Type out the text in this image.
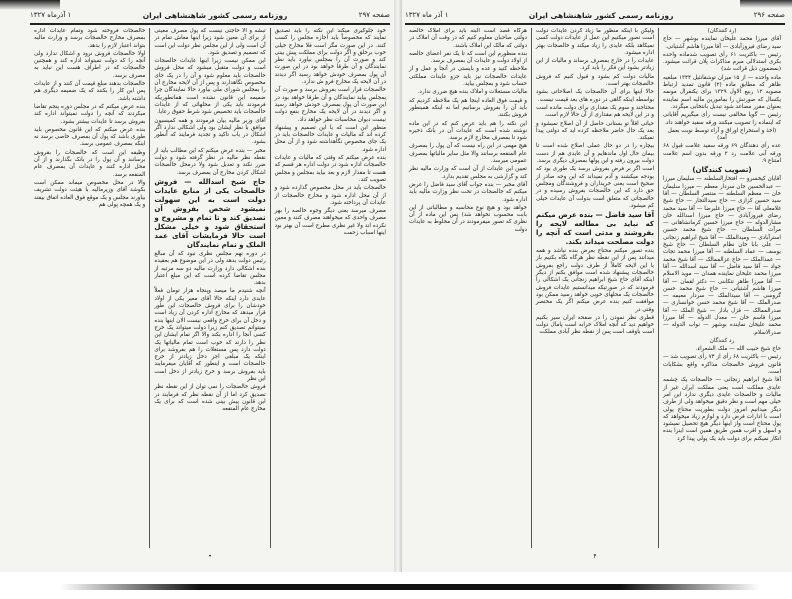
صفحه ۲۹۷
روزنامه رسمی کشور شاهنشاهی ایران
۱ آذرماه ۱۳۲۷

خود جلوگیری میکند این نکته را باید تصدیق نمایند که مخصوصاً باید اجازه مجلس را کسب کنند. در این صورت مگر است فلا مخارج خیلی خوب برخلق و اگر دولت برای مملکت پیش بینی کند و صورت آن را بمجلس بیاورد باید نظر نمایندگان و آن طرقا خواهد بود در این صورت آن پول بمصرف خودش خواهد رسید اگر دیدند در آن لایحه یک مخارج فرو ش ندارد.

خالصجات قرار است بفروش برسد و صورت آن بمجلس بیاید نمایندگان و آن طرقا خواهد بود در این صورت آن پول بمصرف خودش خواهد رسید و اگر دیدند در آن لایحه یک مخارج بنفع دولت نیست دیوان محاسبات نظر خواهد داد.

منظور این است که با این تصمیم و پیشنهاد کرده اند که مالیات و عایدات خالصجات باید در یک جای مخصوص نگاهداشته شود و از آن محل اداره شود.

بنده عرض میکنم که وقتی که مالیات و عایدات خالصجات اداره شود در دولت اداره هر قسم که هست تا مقدار لازم و بعد بیاید بمجلس و مجلس تصویب کند.

خالصجات باید در محل مخصوص گذارده شود و از آن محل اداره شود و مخارج خالصجات از عایدات آن پرداخته شود.

مصرف میرسد یعنی دیگر وجوه خالصه را بهر مصرف واحدی که میخواهند مصرف کنند و معین نکرده اند ولا غیر نظری مطرح است آن بهتر بود اینها اسباب زحمت

تبشه و الا حاجتی نیست که پول مصرف معینی از برای آن معین شود زیرا اینها معاش تمام در آن است ولی از این مجلس نظر دولت این است که تصمیم و تصدیق شود.

این ممکن نیست زیرا اینها عایدات خالصجات است و دولت متقبل میشود که محل فروش خالصجات باید معلوم شود و آن را در یک جای مخصوص نگاهدارند و پس از آن لایحه مخارج آن را بمجلس شورای ملی بیاورد حالا نمایندگان چرا ضمیمه این قانون نشده است همانطوریکه فرمودند باید یکی از محلهائی که از عایدات خالصجات باید تخصیص شود شرط حقوق رعایا.

آقای وزیر مالیه بیان فرمودند و همه کمیسیون موافق با نظر ایشان بود ولی اشکالی ندارد اگر اشکال در باب تاکید و تجدید فرمایند که آنطور بشود.

مخبر — بنده عرض میکنم که این مطالب باید از نقطه نظر مالیه در نظر گرفته شود و دولت ضرر نکند و تعدیل شود ولا درمحل خالصجات اشکال کردن مخارج آن بمصرف برسد.

حاج شیخ اسدالله — فروش خالصجات یکی از منابع عایدات دولت است به این سهولت نمیشود شخص بفروش آن تصدیق کند و تا تمام و مشروح و استحقاق شود و خیلی مشکل است حالا فرمایشات آقای عمد الملک و تمام نمایندگان

در دوره نهم مجلس نظری نبود که آن مبالغ رئیس دولت بدهد ولی در این موضوع هم بعقیده بنده اشکالی دارد وزارت مالیه دو سه مرتبه از مجلس تقاضا کرده است که این مبلغ اعتبار بدهد.

آنچه شنیدم ما میصد وپنجاه هزار تومان فعلاً عایدی دارد اینکه حالا آقای معیر یکی از اولاد خودشان را برای فروش خالصجات این طور قرار میدهد که مخارج اداره کردن آن زیاد است و دخل آن برای خرج واقعی نیست الان اینها بنده نمیتوانم تصدیق کنم زیرا دولت میتواند یک خرج کسی آنجا را اداره بکند والا اگر تمام ایشان این نظر را دارند که خوب است تمام مالیاتها یک دولت دارد پس مستغلات را هم بفروشد برای اینکه یک مبلغی اجر دخل زیادتر از خرج خالصجات است و اینطور که آقایان میفرمایند باید بفروش برسد و خرج زیادتر از دخل است این نظر

فروش خالصجات را نمی توان از این نقطه نظر تصدیق کرد اما از آن نقطه نظر که فرمایند در این قانون پیش بینی شده است که برای یک مخارج عام المنفعه

خالصجات فروخته شود وتمام عایدات اداره بمصرف مخارج خالصجات برسد و وزارت مالیه بتواند اعتبار لازم را بدهد.

اولا خالصجات فروش نرود و اشکال ندارد ولی آنچه را که دولت نمیتواند اداره کند و همچنین خالصجات که در اطراف هست این نباید به مصرف برسد.

خالصجات بدهند مبلغ قیمت آن کنند و از عایدات پس این کار را بکنند که یک ضمیمه دیگری هم داشته باشد.

بنده عرض میکنم که در مجلس دوره پنجم تقاضا میکردند که آنچه را دولت نمیتواند اداره کند بفروش برسد تا عایدات بیشتر بشود.

بنده عرض میکنم که این قانون مخصوص باید طوری باشد که پول آن بمصرف خاصی برسد نه اینکه بمصرف عمومی برسد.

وظیفه این است که خالصجات را بفروش برسانند و آن پول را در بانک بگذارند و از آن محل اداره کنند و عایدات آن بمصرف عام المنفعه برسد.

والا در محل مخصوص میماند ممکن است بکوشد آقای وزیرمالیه با هیئت دولت تشریف بیاورند مجلس و یک موقع فوق العاده اتفاق بیفتد و یک همچه پولی هم

•
صفحه ۲۹۶
روزنامه رسمی کشور شاهنشاهی ایران
۱ آذر ماه ۱۳۲۷

(رد کنندگان)

آقای میرزا محمد علیخان نماینده بوشهر — حاج سید رضای فیروزآبادی — آقا میرزا هاشم آشتیانی.

رئیس — باکثریت ۶۱ رأی تصویب شدماده واحده بکری استدلالی مبرم مذاکرات پلان قرائت میشود. (بمضمون ذیل قرائت شد)

ماده واحده — از ۱۵ میزان توشقانئیل ۱۳۴۴ مبلغیه ظاهر که مطابق ماده (۲) قانون تمدید ارتباط مصوبه ۱۲ ربیع الاول ۱۳۲۹ برای یکنفرال مونمه یکسال که صورتش را بمامورین مالیه اسم نماینده بعنوان مقرر مصاعد شود تبدیل بانتخابی میگردد.

رئیس — گویا مخالفی نیست رأی میگیریم آقایانی که اینماده را تصویب میکنند ورقه سفید خواهند داد.

(اخذ و استخراج اوراق و آراء توسط نوبت بعمل آمد)

عده رأی دهندگان ۶۹ ورقه سفید علامت قبول ۶۸ ورقه آبی علامت رد ۲ ورقه بدون اسم علامت امتناع ۹.

(تصویب کنندگان)

آقایان کیخسرو — افتخارالسلطنه — سلیمان میرزا — عبدالحسین خان سردار معظم — میرزا سلیمان خان — معظم السلطنه — منتصر السلطان — آقا سید حسین کزازی — حاج سیدالتجار — حاج شیخ غلامعلی آقا — حاج میرزا علیرضا — آقا سید محمد رضای فیروزآبادی — حاج میرزا اسدالله خان مشارالدوله — حاج میرزا حسین کرمانشاهانی — مرآت السلطان — حاج شیخ محمد حسین استرآبادی — ومیدالملک — آقا شیخ ابراهیم زنجانی — علی بابا خان نظام السلطان — حاج شیخ یوسف — عماد السلطنه — آقا میرزا محمد تجات — عمدالملک — حاج عزالممالک — آقا شیخ محمد جواد — آقا سید فاضل — آقا سید اسدالله — آقا میرزا محمد علیخان نماینده همدان — موید الاسلام — آقا میرزا طاهر تنکابنی — دکتر لقمان — آقا میرزا هاشم آشتیانی — حاج شیخ محمد حسن گروسی — آقا سیدالملک — سردار معیمه — صدرالملک — آقا شیخ محمد حسن خوانساری — صدرالممالک — قزل بادار — شیخ الملک — آقا میرزا قاسم خان — معدل الدوله — آقا میرزا محمد علیخان نماینده بوشهر — نواب الدوله — صدرالاسلام.

رد کنندگان

حاج شیخ حبیب الله — ملک الشعراء.

رئیس — باکثریت ۶۸ رأی از ۷۴ رأی تصویب شد — قانون فروش خالصجات مذاکره واقع بشکایات است.

آقا شیخ ابراهیم زنجانی — خالصجات یک چشمه عایدی مملکت است یعنی مملکت ایران غیر از مالیات و خالصجات عایدی دیگری ندارد این امر خیلی مهم است و نظر دقیق میخواهد ولی از طرف دیگر میدانیم امروز دولت بطوریت محتاج پولی است با ادارات قرض دارد و لوازم زیاد میخواهد که پول محتاج است واز اینها دیگر هیچ تحصیل نمیشود و اسهل و اقرب همین طریق همین است اینرا بنده انکار نمیکنم برای دولت باید یک پولی پیدا کرد

ولیکن با اینکه منظور ما زیاد کردن عایدات دولت است تصور میکنیم این عمل از عایدات دولت کسی نمیکاهد بلکه عایدی را زیاد میکند و خالصجات بهتر اداره میشود.

عایدات را در خارج بمصرف برساند و مالیات از این زیادتر بشود این فکر را باید کرد.

مالیات دولت کم بشود و قبول کنیم که فروش خالصجات بهتر است.

حالا اینها برای آن خالصجات یک اصلاحاتی بشود بواسطه اینکه گاهی در دوره های بعد قیمت نیست.

محتاجند و سوم یک مقداری برای دولت مانده است و در این لایحه هم مقداری از آن حالا لازم است.

حیاتی اقلاً تو بستانی حاصل از آن اصلاح نمیشود و بعد یک حال حاضر ملاحظه کرده اید که دولتی پیدا نمیکند.

بیچاره را در دو حال عملی اصلاح شده است تا بیمان حال اول ماندهایم و آن عایدی هم از دست دولت بیرون رفته و این پولها بمصرف دیگری برسد.

است اگر بر فرض بفروش برسد یک طوری بود که بودجه میکشند و آدم نمیداند که این وجه صادر از صحیح است یعنی خریداران و فروشندگان ومجلس حق دارد که این خالصجات بفروش رسیده و در خالصجاتی که متعلق است بدولت آن عایدات خیلی کم میشود.

آقا سید فاضل — بنده عرض میکنم که نباید بی مطالعه لایحه را بفروشند و مدتی است که آنچه را دولت مصلحت میداند بکند.

بنده تصور میکنم محتاج بعرض بنده نباشد و همه میدانند پس از این نقطه نظر هرگاه نگاه بکنیم باز با این لایحه کاملاً از طرف دولت راجع بفروش خالصجات پیشنهاد شده است موافق بکنم از دیگر اینکه آقای حاج شیخ ابراهیم زنجانی یک اشکالی را فرمودند که در صورتیکه میدانستیم عایدات فروش خالصجات یک محلهای خوبی خواهد رسید ممکن بود موافقت کنیم بنده عرض میکنم اگر یک مختصر وقتی در

قطری نظر نمودن را در صفحه ایران سیر بکنیم خواهیم دید که آنچه املاک خرابه است پامال دولت است باوقف است پس از نقطه نظر آبادی مملکت

هرگاه قصد است البته باید برای املاک خالصه دولتی صاحبان معلوم کنیم که در وقت آن املاک در دولتی که مالک این املاک باشند.

بنده منظورم این است که تا یک نفر اعضای خالصه از اولاد دولت و عایدات آن بمصرف برسد.

ملاحظه کنید و عده و بایستی در آنجا و عمل و از عایدات خالصجات نیز باید جزو عایدات مملکتی حساب شود و بمجلس بیاید.

مالیات مستغلات و املاک بنده هیچ ضرری ندارد.

و قیمت فوق العاده اینجا هم یک ملاحظه کردیم که باید آن را بفروش برسانیم اما نه اینکه همینطور فروش بکنند.

این نکته را هم باید عرض کنم که در این ماده نوشته شده است که عایدات آن در بانک ذخیره شود تا بمصرف مخارج لازم برسد.

هیچ مهمی در این راه نیست که آن پول را بمصرف عام المنفعه برسانند والا مثل سایر مالیاتها بمصرف عمومی میرسد.

تعیین این عایدات از آن است که وزارت مالیه نظر کند و گزارشی به مجلس تقدیم بدارد.

آقای مخبر — بنده جواب آقای سید فاضل را عرض میکنم که خالصجات در تحت نظر وزارت مالیه باید اداره شود.

خواهد بود و هیچ نوع محاسبه و مطالباتی از این بابت محسوب نخواهد شد) پس این ماده از آن نظری که تصور میفرمودند در آن مخلوط به عایدات دولت

۴
